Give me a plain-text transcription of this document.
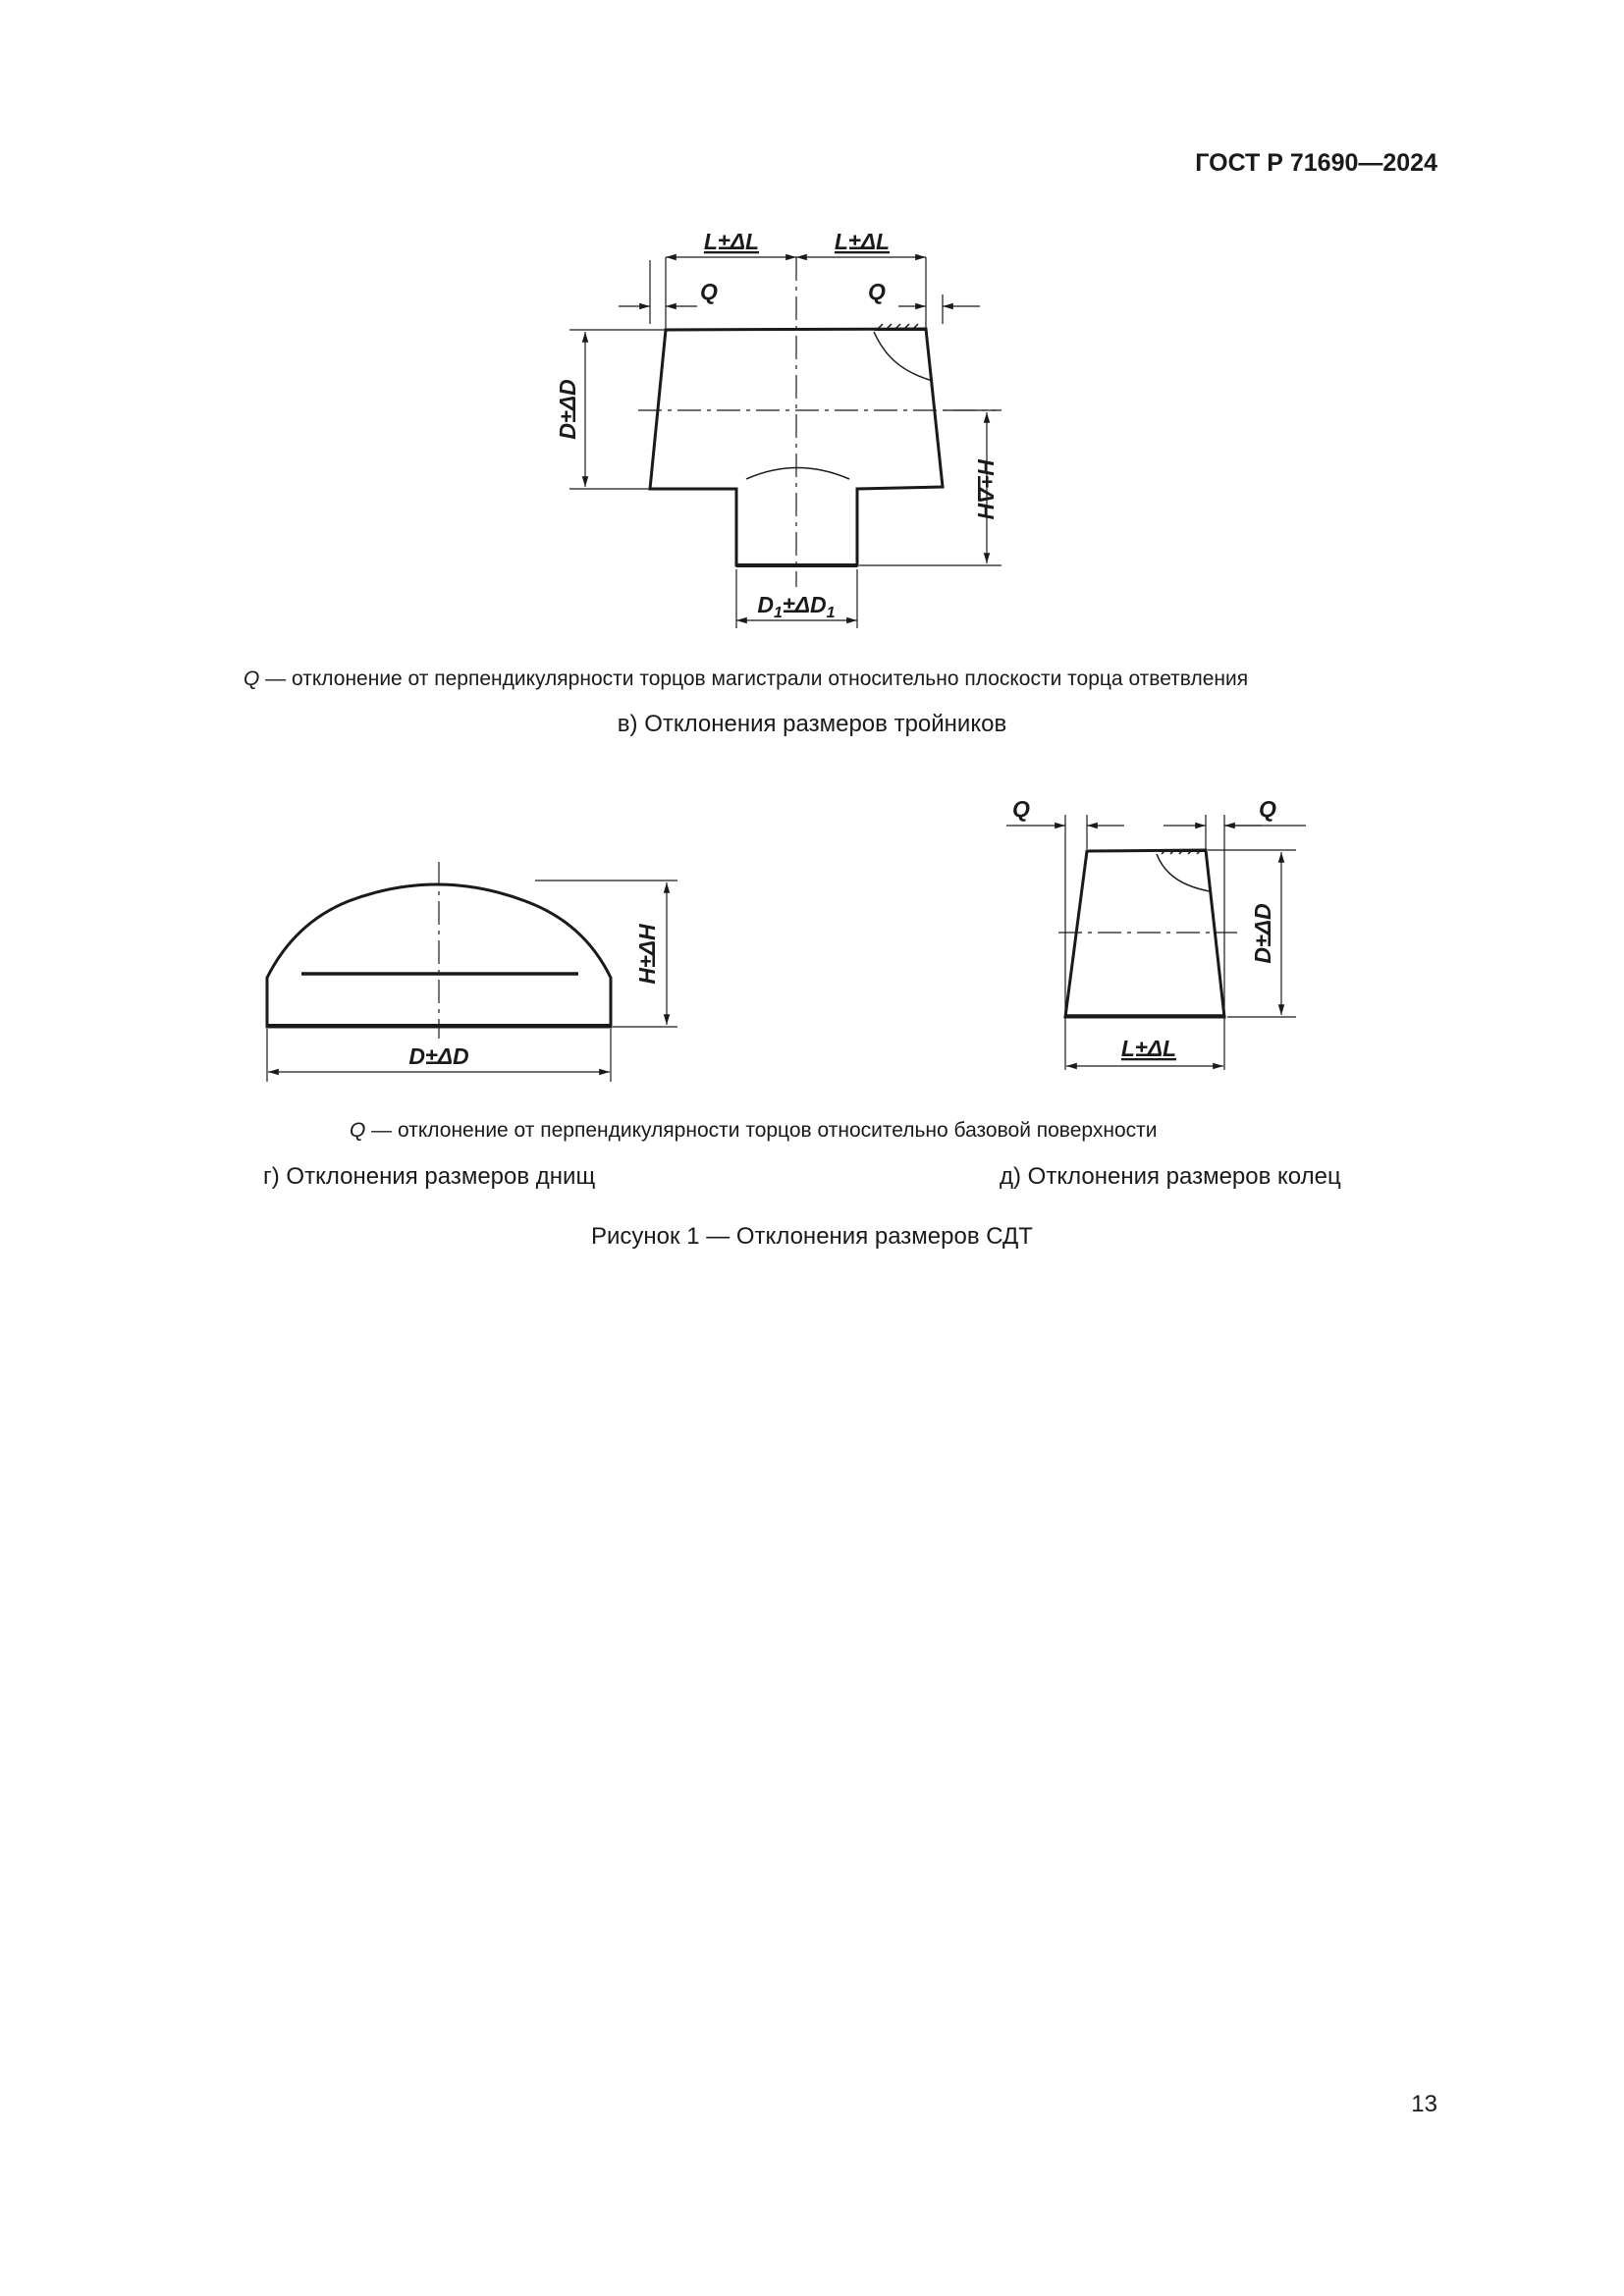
ГОСТ Р 71690—2024
L±ΔL	L±ΔL
Q	Q
D±ΔD
H±ΔH
$D_1\pm\Delta D_1$
Q — отклонение от перпендикулярности торцов магистрали относительно плоскости торца ответвления
в) Отклонения размеров тройников
H±ΔH
D±ΔD
Q	Q
D±ΔD
L±ΔL
Q — отклонение от перпендикулярности торцов относительно базовой поверхности
г) Отклонения размеров днищ	д) Отклонения размеров колец
Рисунок 1 — Отклонения размеров СДТ
13
